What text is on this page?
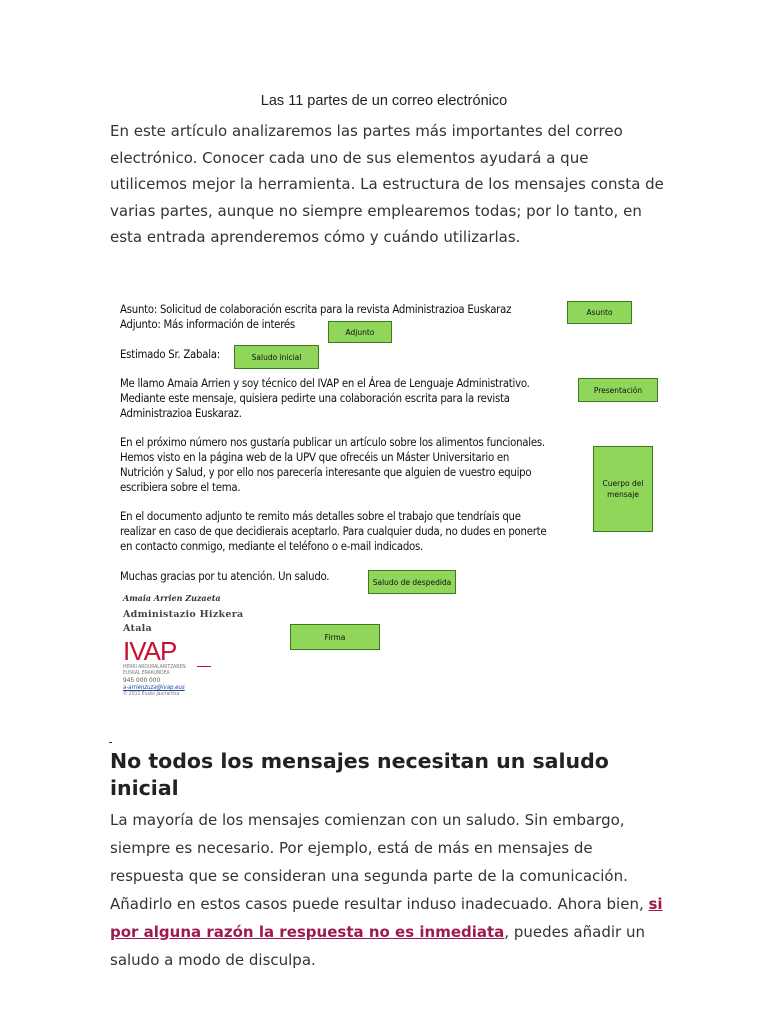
Las 11 partes de un correo electrónico

En este artículo analizaremos las partes más importantes del correo electrónico. Conocer cada uno de sus elementos ayudará a que utilicemos mejor la herramienta. La estructura de los mensajes consta de varias partes, aunque no siempre emplearemos todas; por lo tanto, en esta entrada aprenderemos cómo y cuándo utilizarlas.

Asunto: Solicitud de colaboración escrita para la revista Administrazioa Euskaraz
Adjunto: Más información de interés
Estimado Sr. Zabala:
Me llamo Amaia Arrien y soy técnico del IVAP en el Área de Lenguaje Administrativo.
Mediante este mensaje, quisiera pedirte una colaboración escrita para la revista
Administrazioa Euskaraz.
En el próximo número nos gustaría publicar un artículo sobre los alimentos funcionales.
Hemos visto en la página web de la UPV que ofrecéis un Máster Universitario en
Nutrición y Salud, y por ello nos parecería interesante que alguien de vuestro equipo
escribiera sobre el tema.
En el documento adjunto te remito más detalles sobre el trabajo que tendríais que
realizar en caso de que decidierais aceptarlo. Para cualquier duda, no dudes en ponerte
en contacto conmigo, mediante el teléfono o e-mail indicados.
Muchas gracias por tu atención. Un saludo.
Asunto
Adjunto
Saludo inicial
Presentación
Cuerpo del mensaje
Saludo de despedida
Firma
Amaia Arrien Zuzaeta
Administazio Hizkera Atala
IVAP
HERRI ARDURALARITZAREN
EUSKAL ERAKUNDEA
945 000 000
a-arrienzuza@ivap.eus
© 2011 Eusko Jaurlaritza
No todos los mensajes necesitan un saludo inicial

La mayoría de los mensajes comienzan con un saludo. Sin embargo, siempre es necesario. Por ejemplo, está de más en mensajes de respuesta que se consideran una segunda parte de la comunicación. Añadirlo en estos casos puede resultar induso inadecuado. Ahora bien, si por alguna razón la respuesta no es inmediata, puedes añadir un saludo a modo de disculpa.
